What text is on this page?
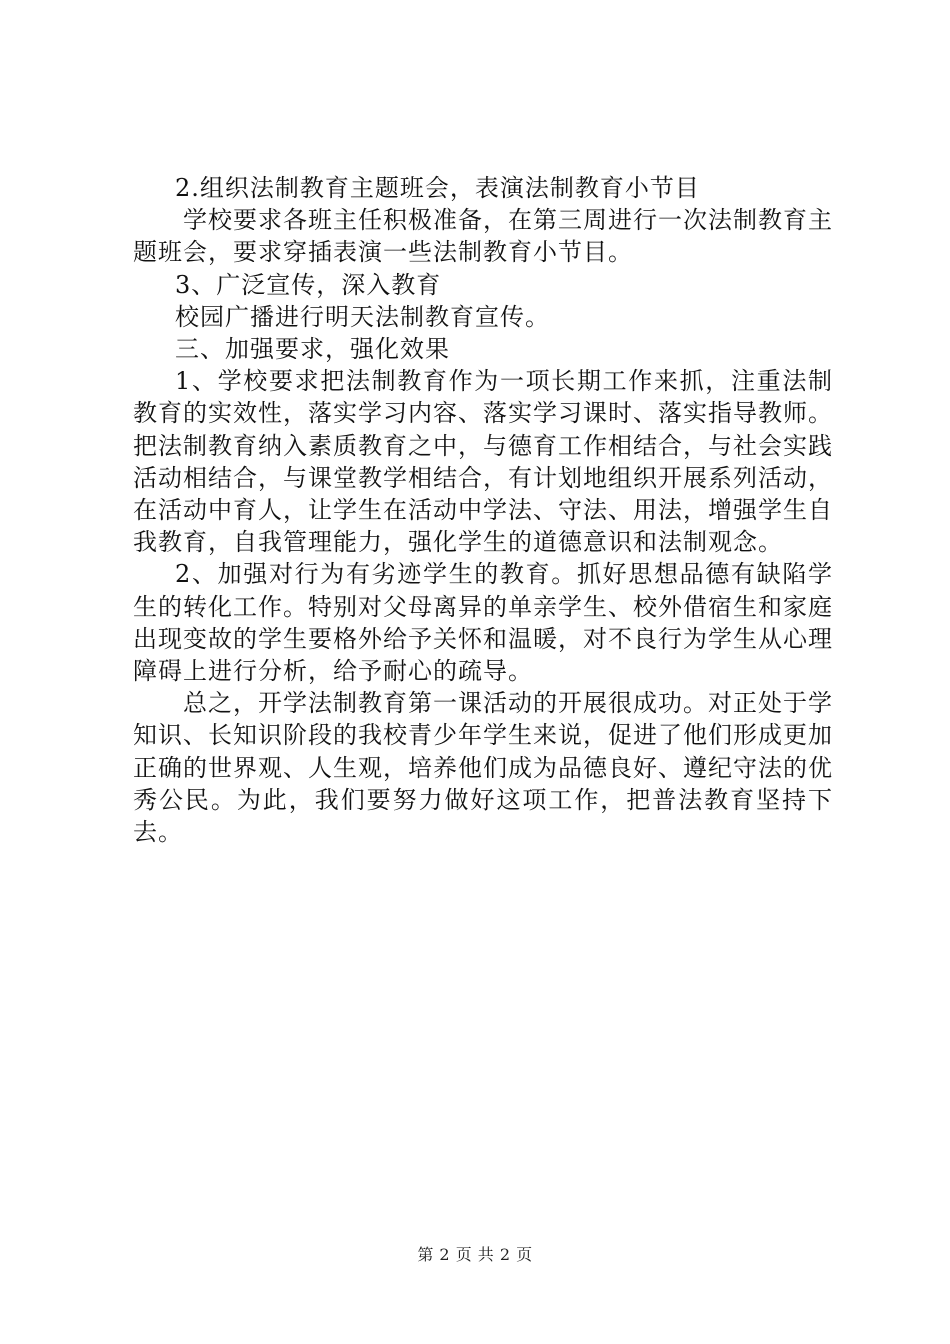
2.组织法制教育主题班会，表演法制教育小节目

学校要求各班主任积极准备，在第三周进行一次法制教育主题班会，要求穿插表演一些法制教育小节目。

3、广泛宣传，深入教育

校园广播进行明天法制教育宣传。

三、加强要求，强化效果

1、学校要求把法制教育作为一项长期工作来抓，注重法制教育的实效性，落实学习内容、落实学习课时、落实指导教师。把法制教育纳入素质教育之中，与德育工作相结合，与社会实践活动相结合，与课堂教学相结合，有计划地组织开展系列活动，在活动中育人，让学生在活动中学法、守法、用法，增强学生自我教育，自我管理能力，强化学生的道德意识和法制观念。

2、加强对行为有劣迹学生的教育。抓好思想品德有缺陷学生的转化工作。特别对父母离异的单亲学生、校外借宿生和家庭出现变故的学生要格外给予关怀和温暖，对不良行为学生从心理障碍上进行分析，给予耐心的疏导。

总之，开学法制教育第一课活动的开展很成功。对正处于学知识、长知识阶段的我校青少年学生来说，促进了他们形成更加正确的世界观、人生观，培养他们成为品德良好、遵纪守法的优秀公民。为此，我们要努力做好这项工作，把普法教育坚持下去。

第 2 页 共 2 页
